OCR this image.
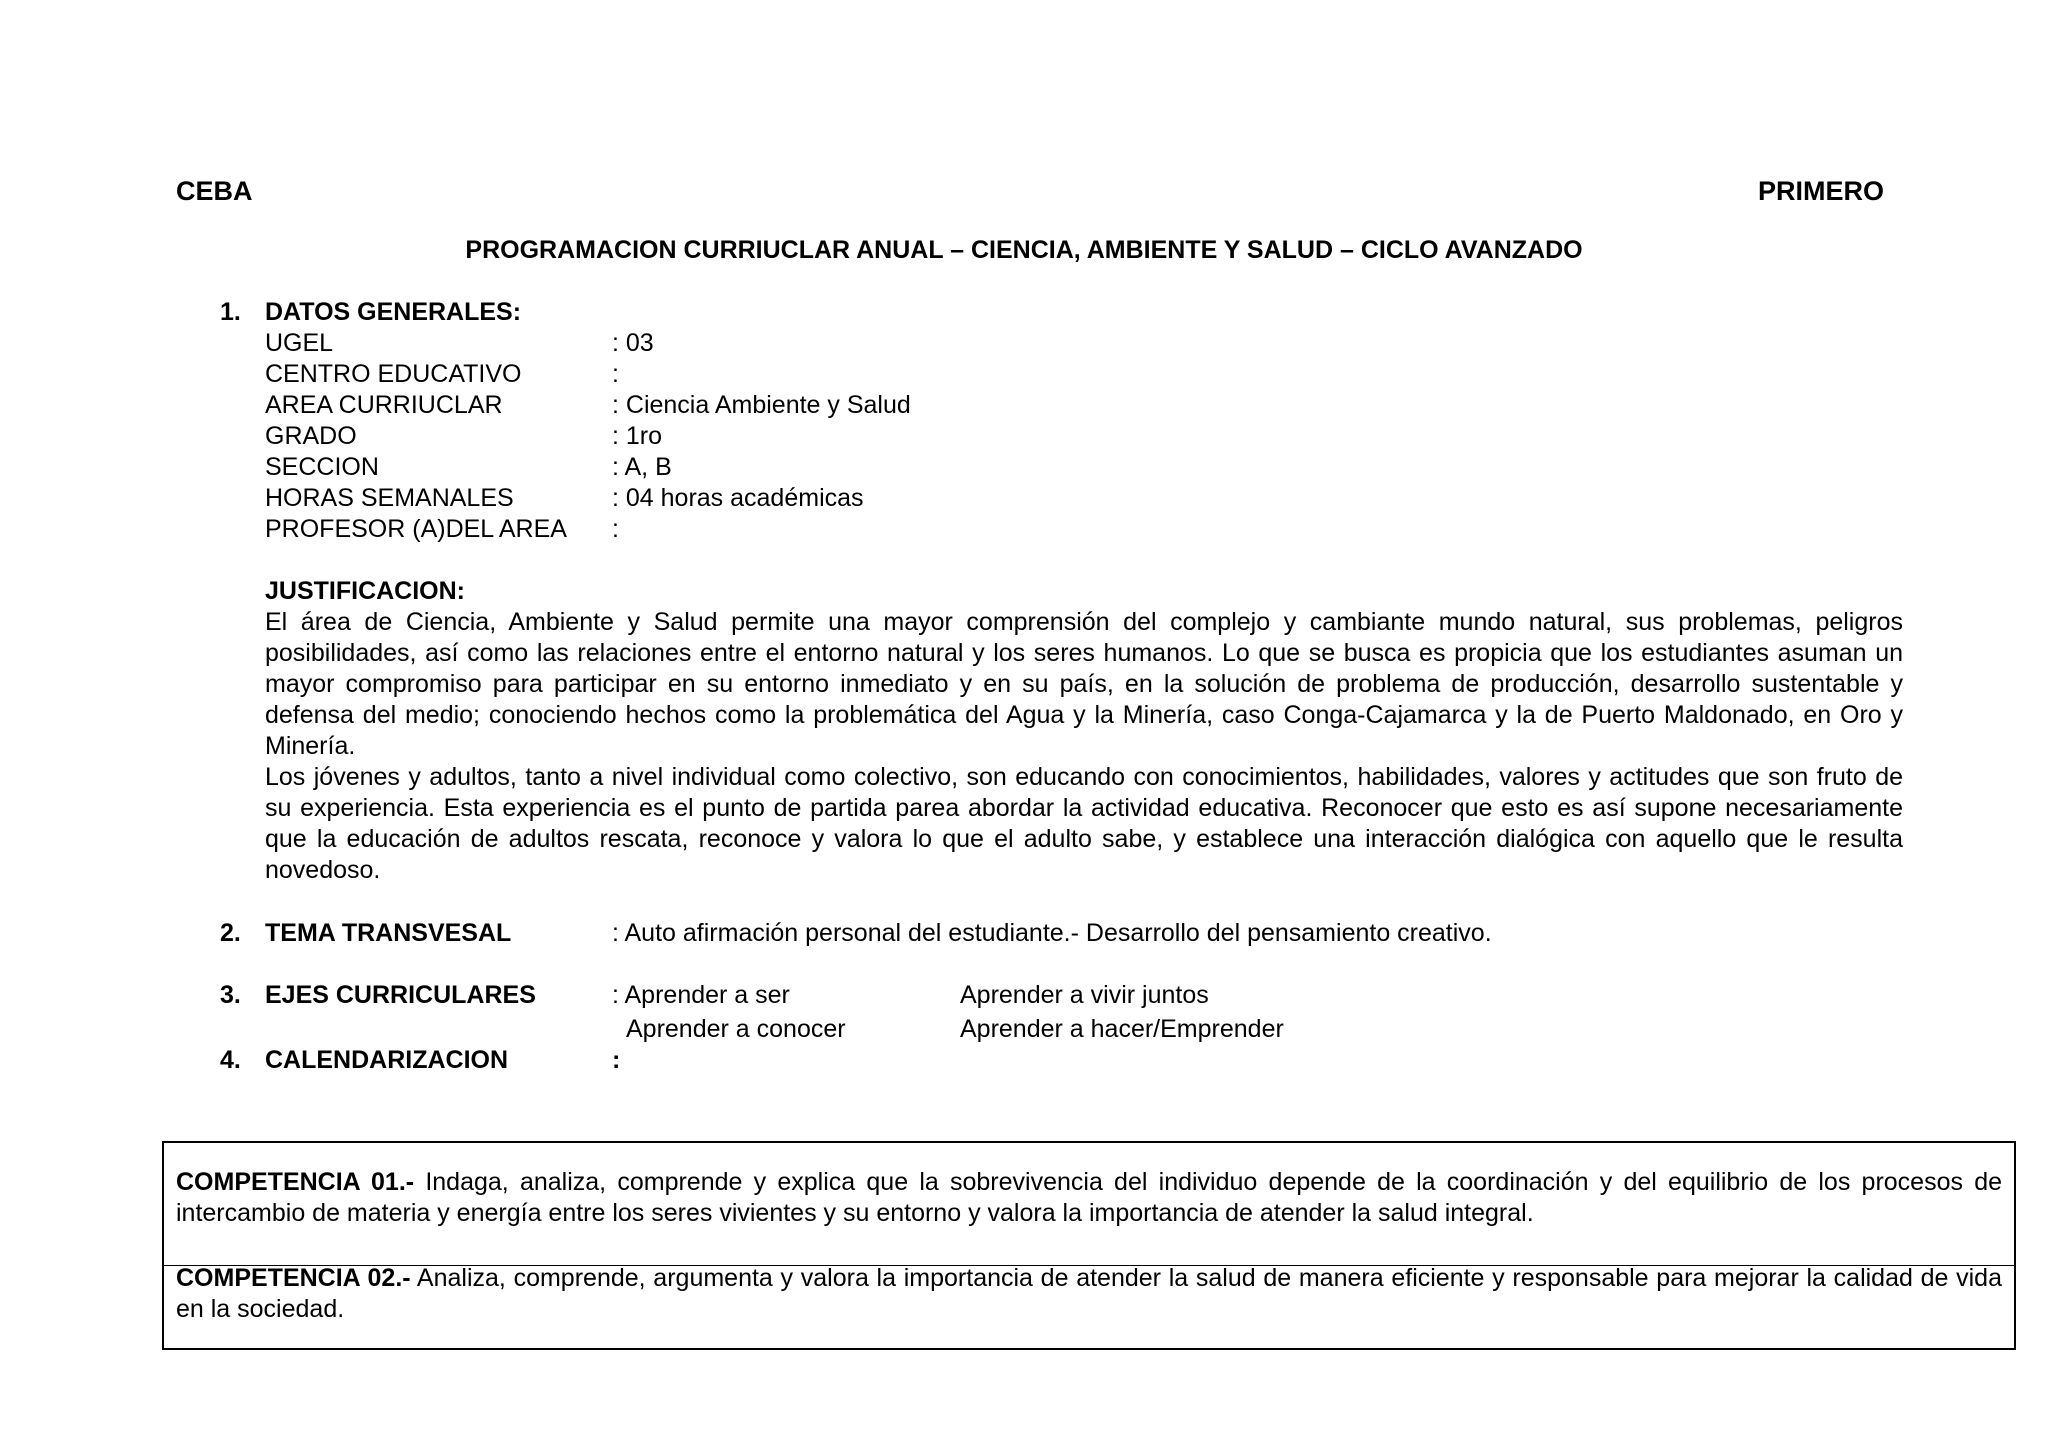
CEBA	PRIMERO
PROGRAMACION CURRIUCLAR ANUAL – CIENCIA, AMBIENTE Y SALUD – CICLO AVANZADO
1. DATOS GENERALES:
UGEL	: 03
CENTRO EDUCATIVO	:
AREA CURRIUCLAR	: Ciencia Ambiente y Salud
GRADO	: 1ro
SECCION	: A, B
HORAS SEMANALES	: 04 horas académicas
PROFESOR (A)DEL AREA :
JUSTIFICACION:

El área de Ciencia, Ambiente y Salud permite una mayor comprensión del complejo y cambiante mundo natural, sus problemas, peligros posibilidades, así como las relaciones entre el entorno natural y los seres humanos. Lo que se busca es propicia que los estudiantes asuman un mayor compromiso para participar en su entorno inmediato y en su país, en la solución de problema de producción, desarrollo sustentable y defensa del medio; conociendo hechos como la problemática del Agua y la Minería, caso Conga-Cajamarca y la de Puerto Maldonado, en Oro y Minería.

Los jóvenes y adultos, tanto a nivel individual como colectivo, son educando con conocimientos, habilidades, valores y actitudes que son fruto de su experiencia. Esta experiencia es el punto de partida parea abordar la actividad educativa. Reconocer que esto es así supone necesariamente que la educación de adultos rescata, reconoce y valora lo que el adulto sabe, y establece una interacción dialógica con aquello que le resulta novedoso.

2. TEMA TRANSVESAL	: Auto afirmación personal del estudiante.- Desarrollo del pensamiento creativo.
3. EJES CURRICULARES	: Aprender a ser	Aprender a vivir juntos
Aprender a conocer	Aprender a hacer/Emprender
4. CALENDARIZACION	:
COMPETENCIA 01.- Indaga, analiza, comprende y explica que la sobrevivencia del individuo depende de la coordinación y del equilibrio de los procesos de intercambio de materia y energía entre los seres vivientes y su entorno y valora la importancia de atender la salud integral.
COMPETENCIA 02.- Analiza, comprende, argumenta y valora la importancia de atender la salud de manera eficiente y responsable para mejorar la calidad de vida en la sociedad.
